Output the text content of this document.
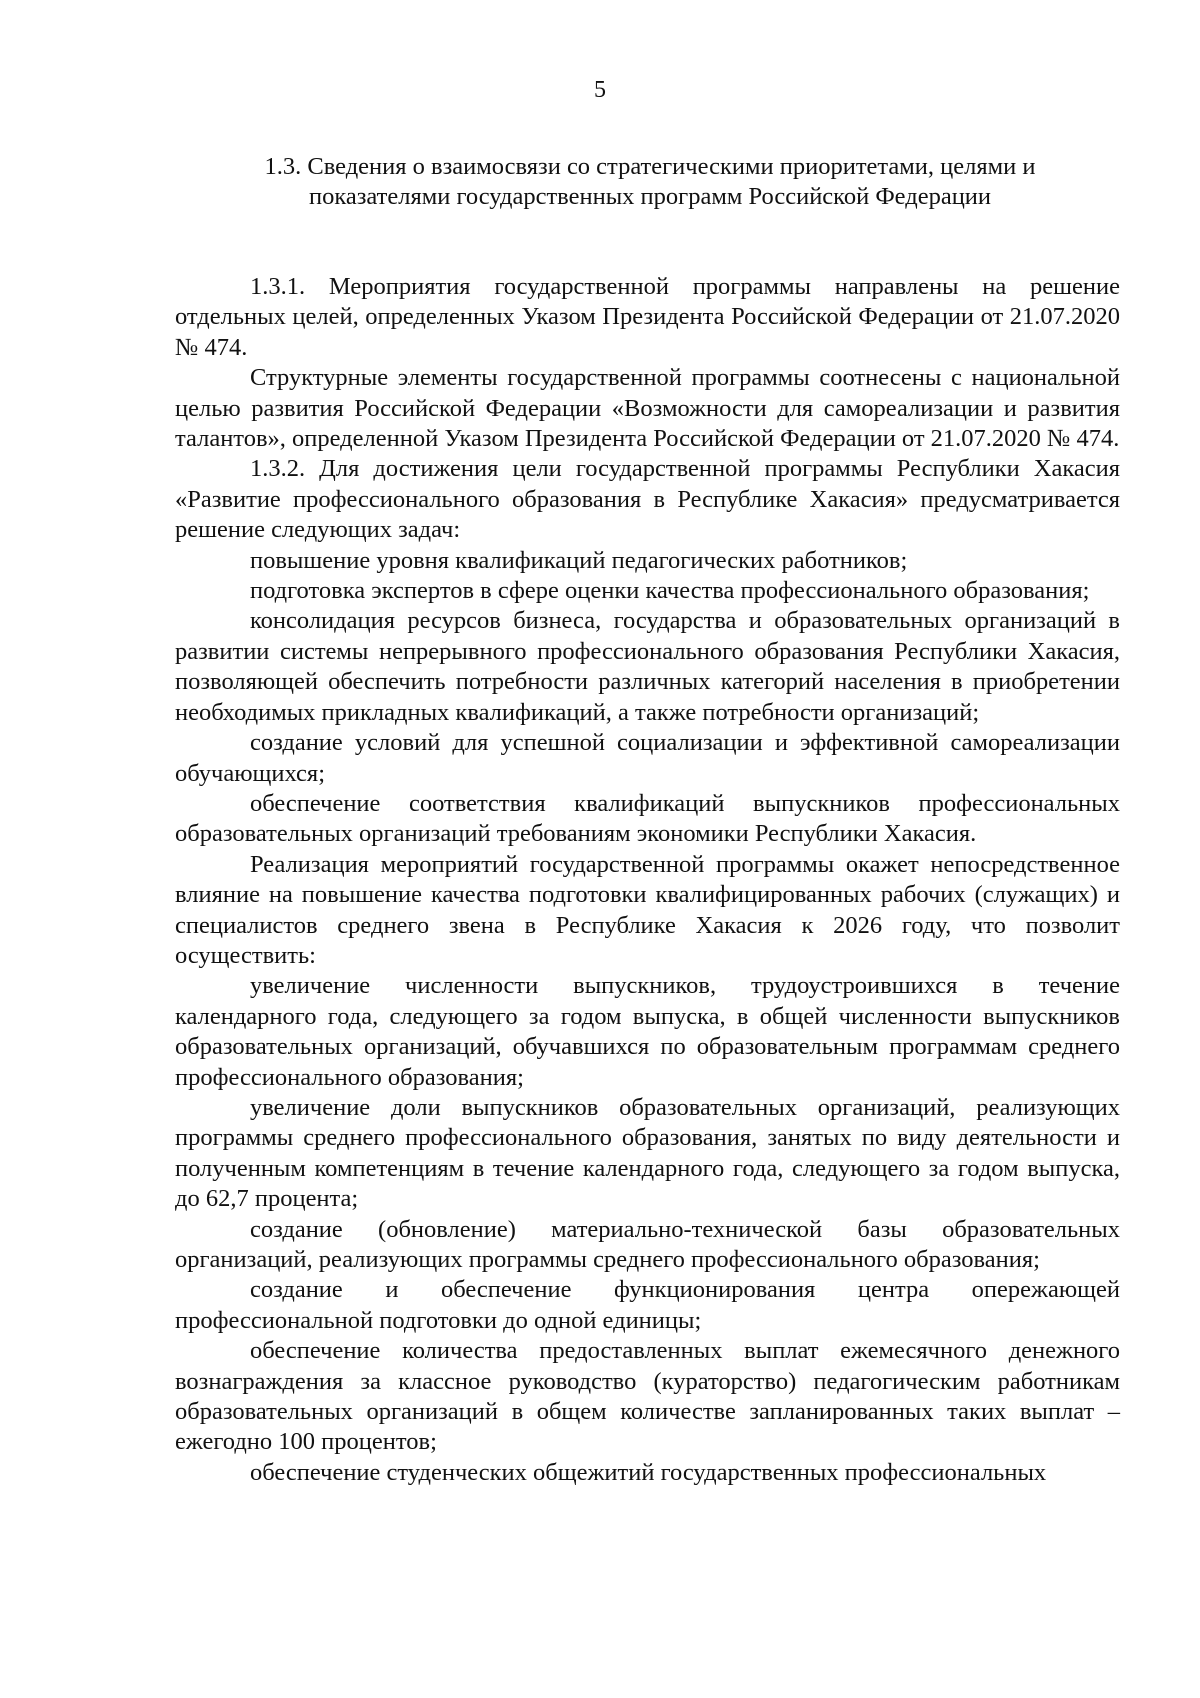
5
1.3. Сведения о взаимосвязи со стратегическими приоритетами, целями и
показателями государственных программ Российской Федерации

1.3.1. Мероприятия государственной программы направлены на решение отдельных целей, определенных Указом Президента Российской Федерации от 21.07.2020 № 474.

Структурные элементы государственной программы соотнесены с национальной целью развития Российской Федерации «Возможности для самореализации и развития талантов», определенной Указом Президента Российской Федерации от 21.07.2020 № 474.

1.3.2. Для достижения цели государственной программы Республики Хакасия «Развитие профессионального образования в Республике Хакасия» предусматривается решение следующих задач:

повышение уровня квалификаций педагогических работников;

подготовка экспертов в сфере оценки качества профессионального образования;

консолидация ресурсов бизнеса, государства и образовательных организаций в развитии системы непрерывного профессионального образования Республики Хакасия, позволяющей обеспечить потребности различных категорий населения в приобретении необходимых прикладных квалификаций, а также потребности организаций;

создание условий для успешной социализации и эффективной самореализации обучающихся;

обеспечение соответствия квалификаций выпускников профессиональных образовательных организаций требованиям экономики Республики Хакасия.

Реализация мероприятий государственной программы окажет непосредственное влияние на повышение качества подготовки квалифицированных рабочих (служащих) и специалистов среднего звена в Республике Хакасия к 2026 году, что позволит осуществить:

увеличение численности выпускников, трудоустроившихся в течение календарного года, следующего за годом выпуска, в общей численности выпускников образовательных организаций, обучавшихся по образовательным программам среднего профессионального образования;

увеличение доли выпускников образовательных организаций, реализующих программы среднего профессионального образования, занятых по виду деятельности и полученным компетенциям в течение календарного года, следующего за годом выпуска, до 62,7 процента;

создание (обновление) материально-технической базы образовательных организаций, реализующих программы среднего профессионального образования;

создание и обеспечение функционирования центра опережающей профессиональной подготовки до одной единицы;

обеспечение количества предоставленных выплат ежемесячного денежного вознаграждения за классное руководство (кураторство) педагогическим работникам образовательных организаций в общем количестве запланированных таких выплат – ежегодно 100 процентов;

обеспечение студенческих общежитий государственных профессиональных
